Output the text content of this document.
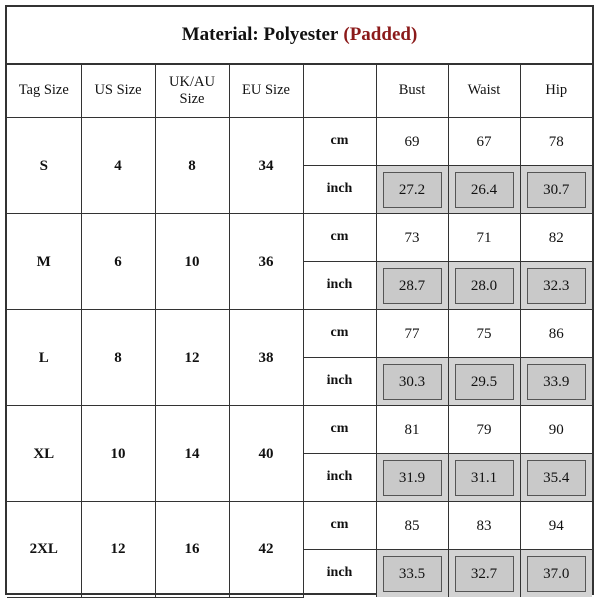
Material: Polyester (Padded)
Tag Size	US Size	UK/AU Size	EU Size		Bust	Waist	Hip
S	4	8	34	cm	69	67	78
				inch	27.2	26.4	30.7

M	6	10	36	cm	73	71	82
				inch	28.7	28.0	32.3

L	8	12	38	cm	77	75	86
				inch	30.3	29.5	33.9

XL	10	14	40	cm	81	79	90
				inch	31.9	31.1	35.4

2XL	12	16	42	cm	85	83	94
				inch	33.5	32.7	37.0
